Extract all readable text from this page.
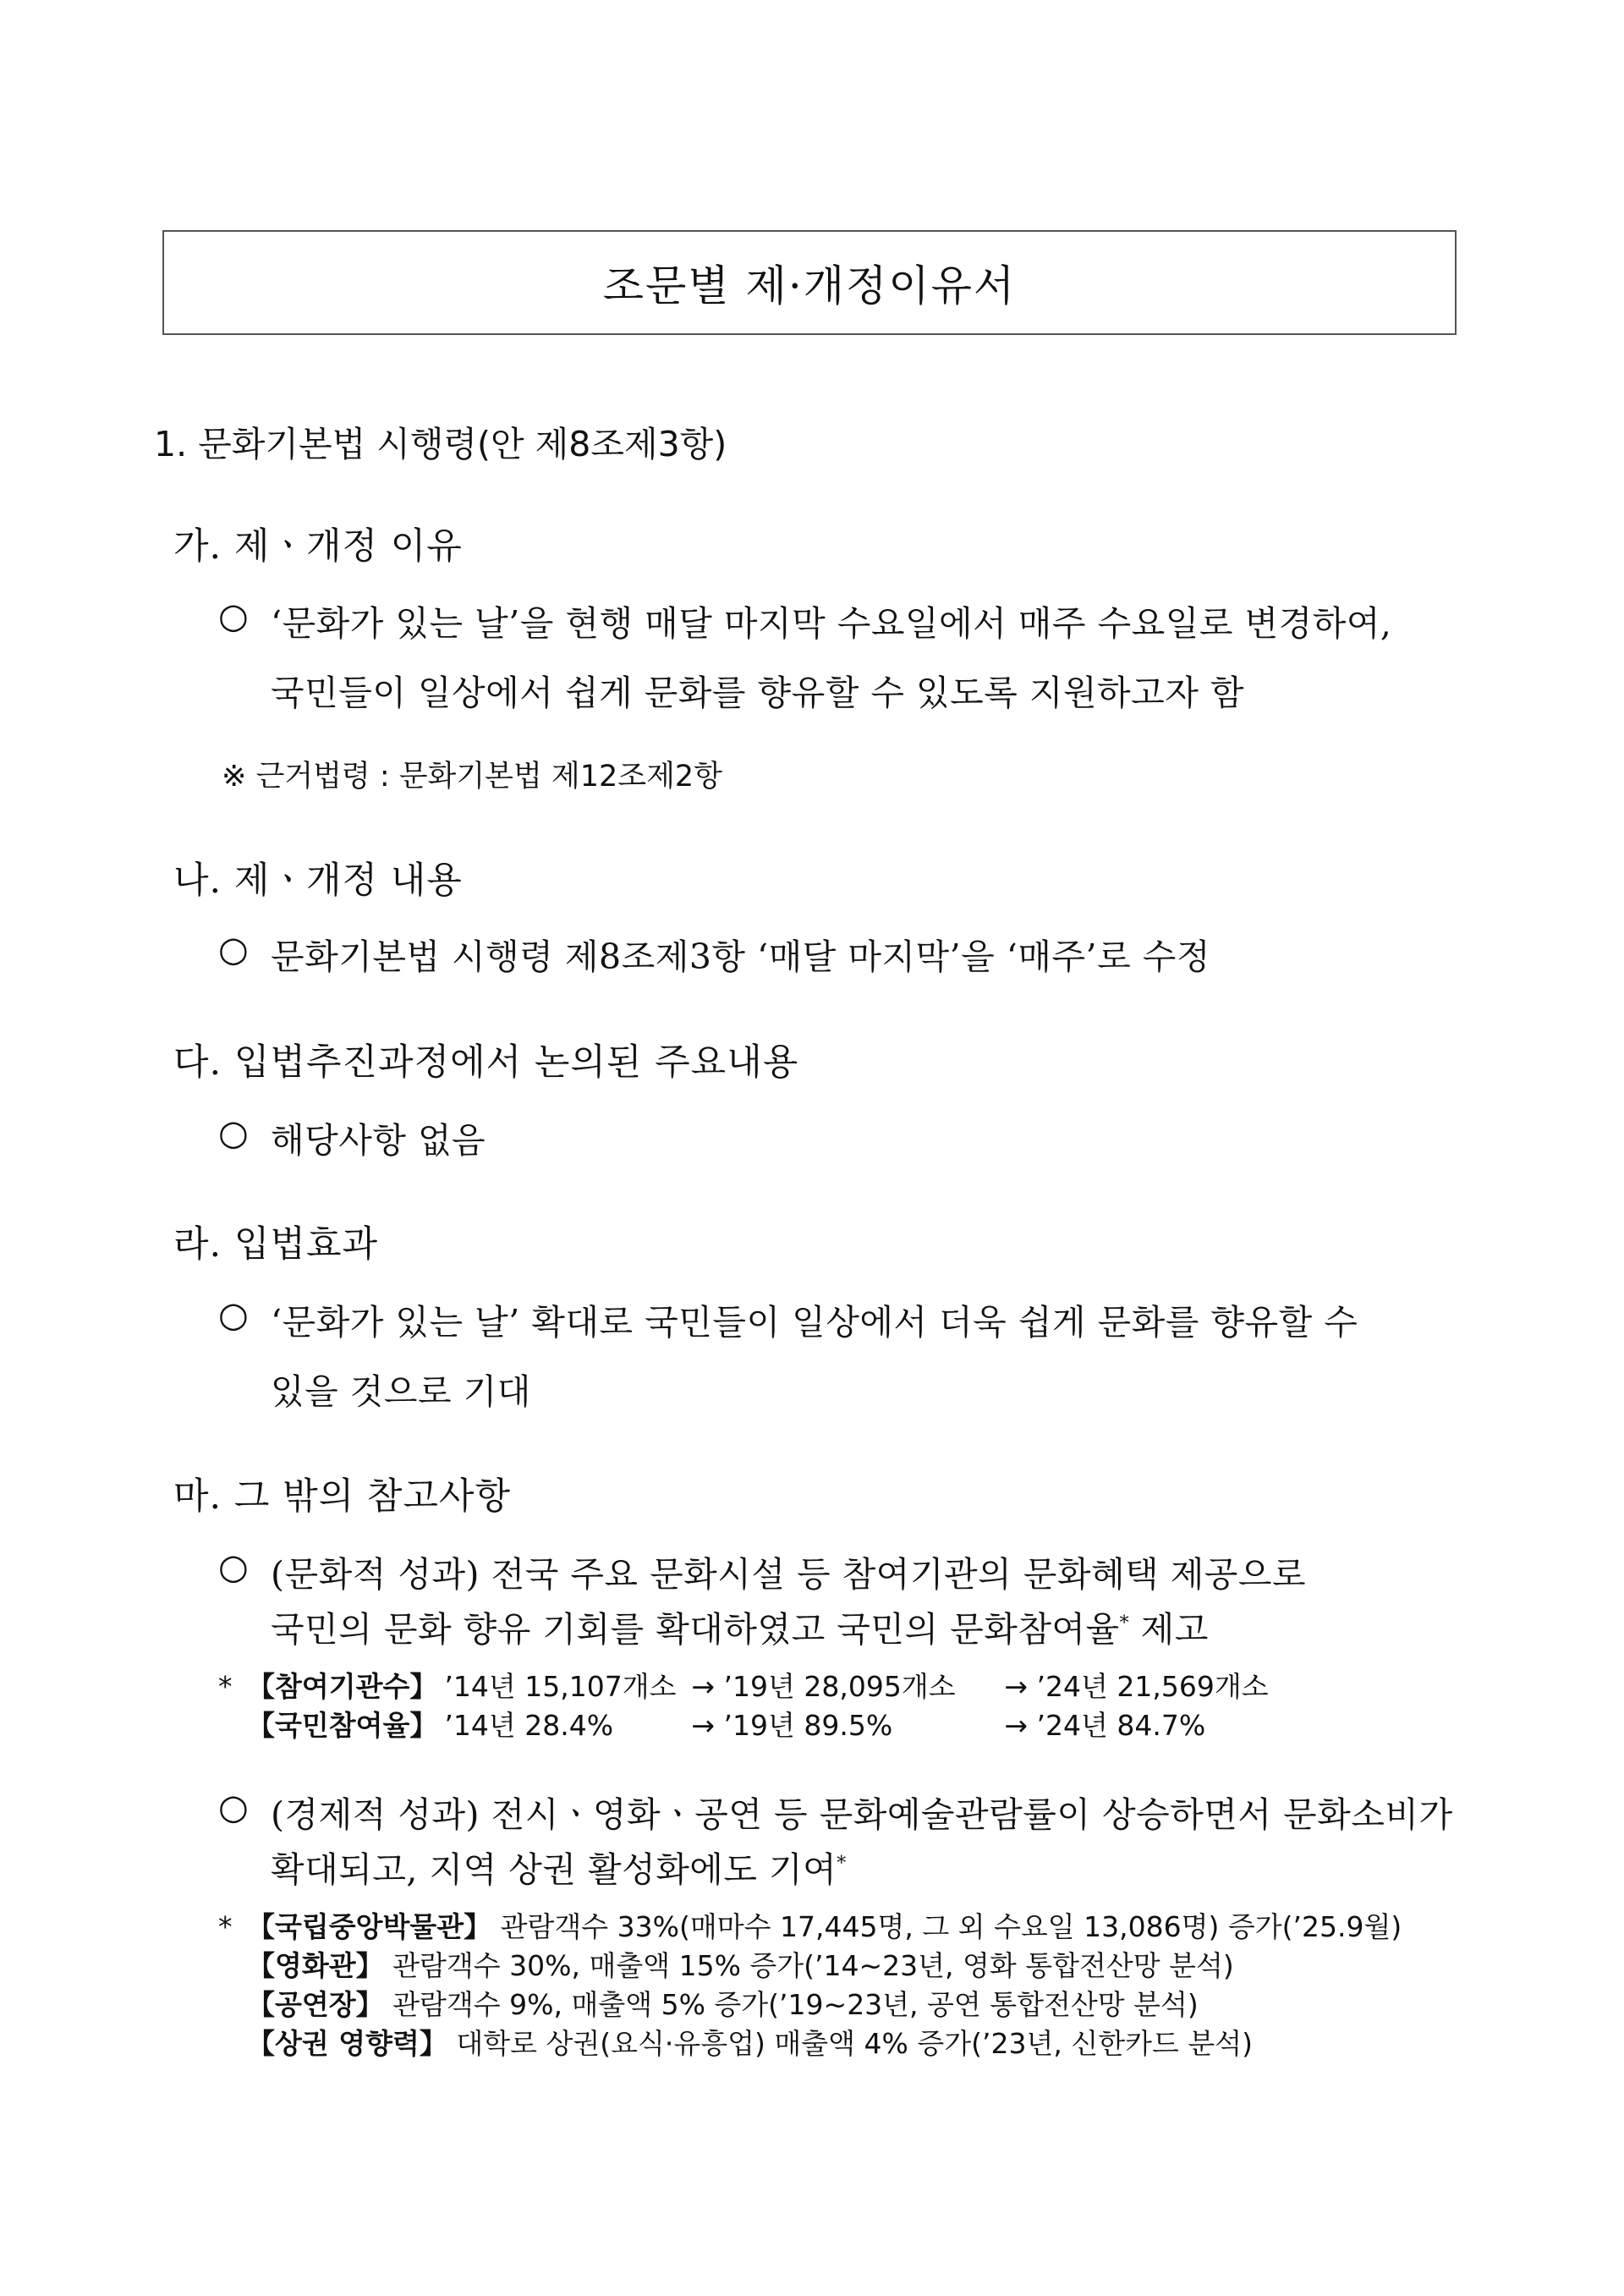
조문별 제·개정이유서
1. 문화기본법 시행령(안 제8조제3항)
가. 제ㆍ개정 이유
○ ‘문화가 있는 날’을 현행 매달 마지막 수요일에서 매주 수요일로 변경하여,
국민들이 일상에서 쉽게 문화를 향유할 수 있도록 지원하고자 함
※ 근거법령 : 문화기본법 제12조제2항
나. 제ㆍ개정 내용
○ 문화기본법 시행령 제8조제3항 ‘매달 마지막’을 ‘매주’로 수정
다. 입법추진과정에서 논의된 주요내용
○ 해당사항 없음
라. 입법효과
○ ‘문화가 있는 날’ 확대로 국민들이 일상에서 더욱 쉽게 문화를 향유할 수
있을 것으로 기대
마. 그 밖의 참고사항
○ (문화적 성과) 전국 주요 문화시설 등 참여기관의 문화혜택 제공으로
국민의 문화 향유 기회를 확대하였고 국민의 문화참여율* 제고
* 【참여기관수】 ’14년 15,107개소 → ’19년 28,095개소 → ’24년 21,569개소
【국민참여율】 ’14년 28.4%	→ ’19년 89.5%	→ ’24년 84.7%
○ (경제적 성과) 전시ㆍ영화ㆍ공연 등 문화예술관람률이 상승하면서 문화소비가
확대되고, 지역 상권 활성화에도 기여*
* 【국립중앙박물관】 관람객수 33%(매마수 17,445명, 그 외 수요일 13,086명) 증가(’25.9월)
【영화관】 관람객수 30%, 매출액 15% 증가(’14∼23년, 영화 통합전산망 분석)
【공연장】 관람객수 9%, 매출액 5% 증가(’19∼23년, 공연 통합전산망 분석)
【상권 영향력】 대학로 상권(요식·유흥업) 매출액 4% 증가(’23년, 신한카드 분석)
